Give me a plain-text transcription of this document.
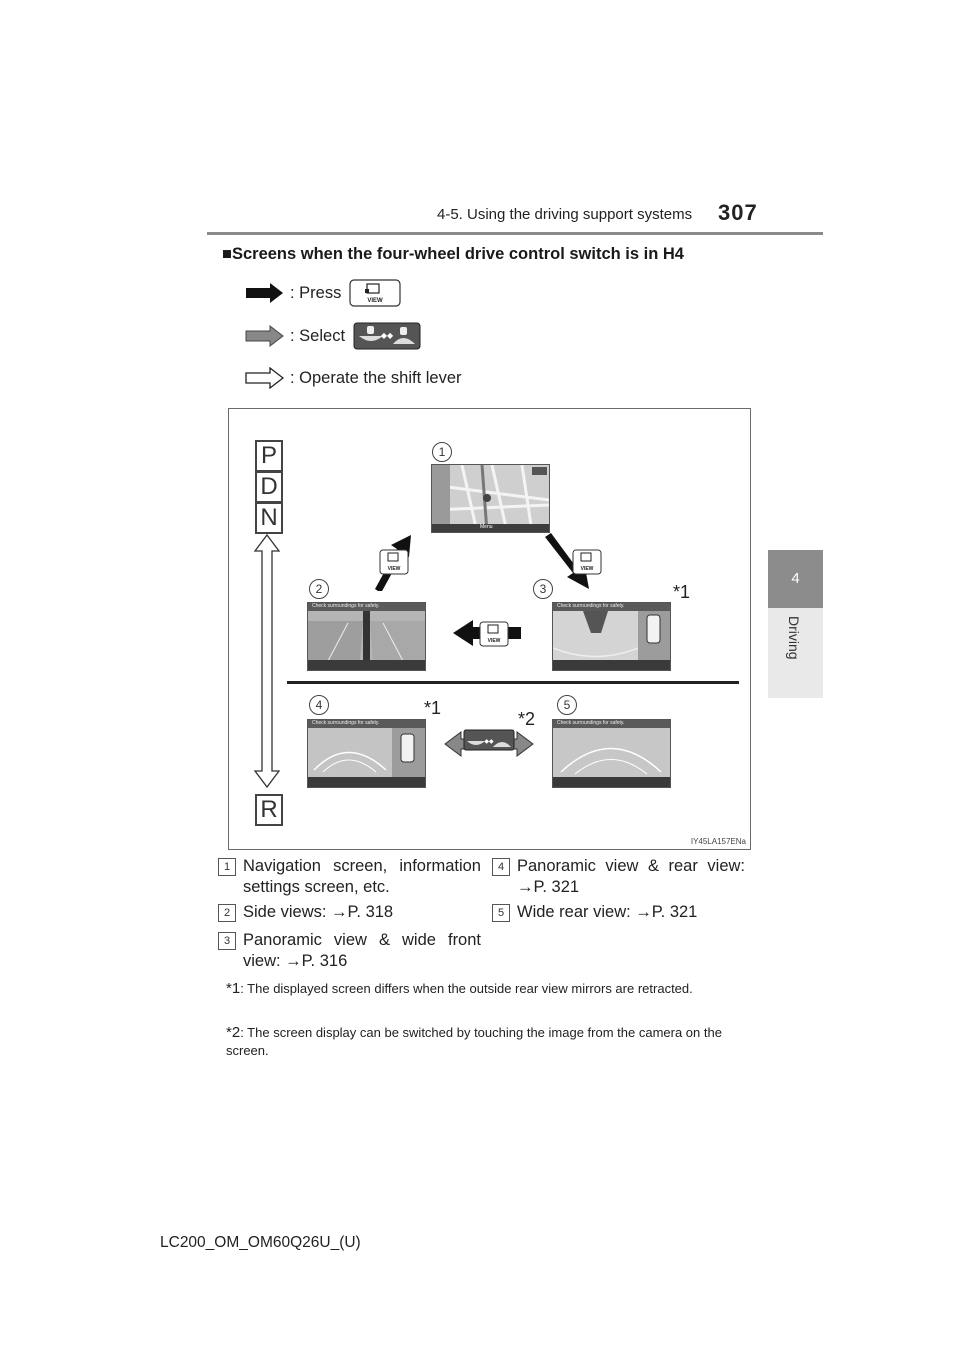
4-5. Using the driving support systems 307
4
Driving
■Screens when the four-wheel drive control switch is in H4
: Press	VIEW
: Select	◆◆
: Operate the shift lever
P
D
N
R
1
Menu
2
Check surroundings for safety.
3	*1
Check surroundings for safety.
4	*1
Check surroundings for safety.
5
*2	Check surroundings for safety.
VIEW	VIEW
VIEW
◆◆
IY45LA157ENa
1 Navigation screen, information settings screen, etc.
2 Side views: →P. 318
3 Panoramic view & wide front view: →P. 316
4 Panoramic view & rear view: →P. 321
5 Wide rear view: →P. 321
*1: The displayed screen differs when the outside rear view mirrors are retracted.
*2: The screen display can be switched by touching the image from the camera on the screen.
LC200_OM_OM60Q26U_(U)
